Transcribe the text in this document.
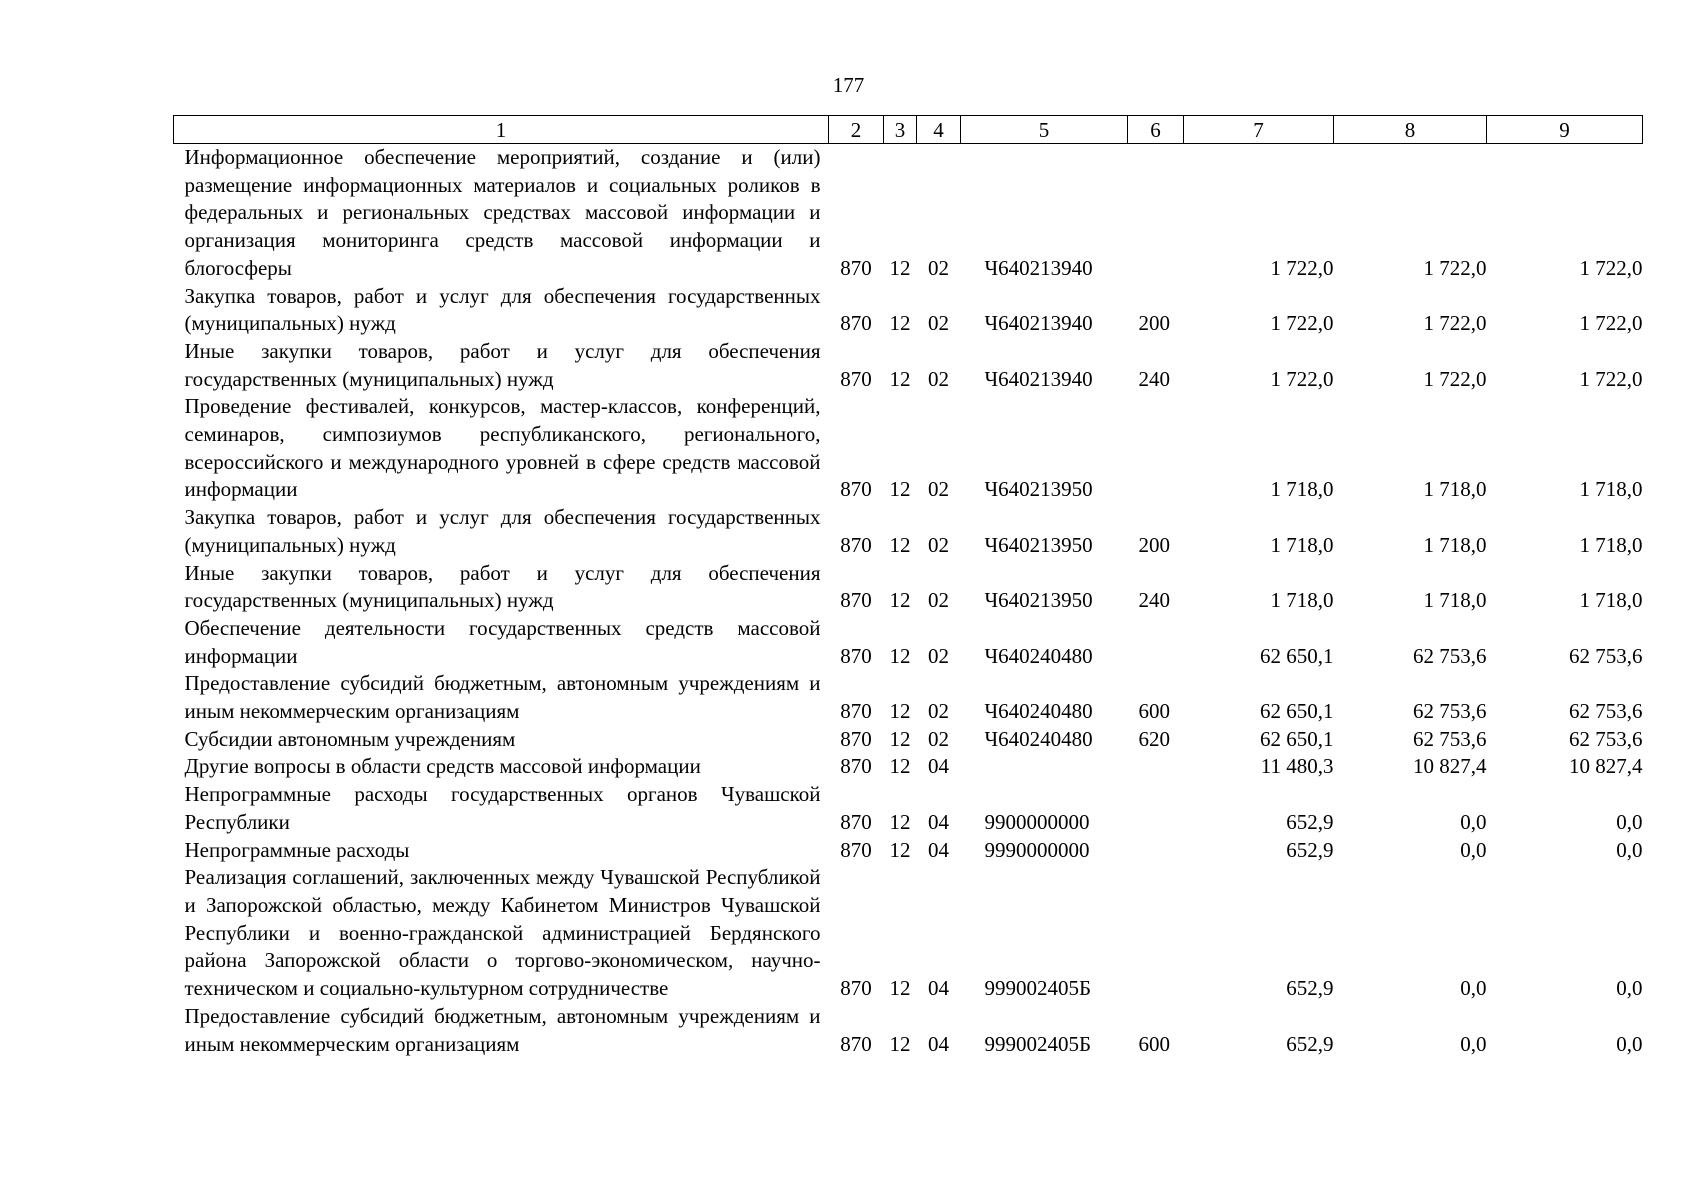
177
1	2	3	4	5	6	7	8	9
Информационное обеспечение мероприятий, создание и (или) размещение информационных материалов и социальных роликов в федеральных и региональных средствах массовой информации и организация мониторинга средств массовой информации и блогосферы	870	12	02	Ч640213940		1 722,0	1 722,0	1 722,0
Закупка товаров, работ и услуг для обеспечения государственных (муниципальных) нужд	870	12	02	Ч640213940	200	1 722,0	1 722,0	1 722,0
Иные закупки товаров, работ и услуг для обеспечения государственных (муниципальных) нужд	870	12	02	Ч640213940	240	1 722,0	1 722,0	1 722,0
Проведение фестивалей, конкурсов, мастер-классов, конференций, семинаров, симпозиумов республиканского, регионального, всероссийского и международного уровней в сфере средств массовой информации	870	12	02	Ч640213950		1 718,0	1 718,0	1 718,0
Закупка товаров, работ и услуг для обеспечения государственных (муниципальных) нужд	870	12	02	Ч640213950	200	1 718,0	1 718,0	1 718,0
Иные закупки товаров, работ и услуг для обеспечения государственных (муниципальных) нужд	870	12	02	Ч640213950	240	1 718,0	1 718,0	1 718,0
Обеспечение деятельности государственных средств массовой информации	870	12	02	Ч640240480		62 650,1	62 753,6	62 753,6
Предоставление субсидий бюджетным, автономным учреждениям и иным некоммерческим организациям	870	12	02	Ч640240480	600	62 650,1	62 753,6	62 753,6
Субсидии автономным учреждениям	870	12	02	Ч640240480	620	62 650,1	62 753,6	62 753,6
Другие вопросы в области средств массовой информации	870	12	04			11 480,3	10 827,4	10 827,4
Непрограммные расходы государственных органов Чувашской Республики	870	12	04	9900000000		652,9	0,0	0,0
Непрограммные расходы	870	12	04	9990000000		652,9	0,0	0,0
Реализация соглашений, заключенных между Чувашской Республикой и Запорожской областью, между Кабинетом Министров Чувашской Республики и военно-гражданской администрацией Бердянского района Запорожской области о торгово-экономическом, научно-техническом и социально-культурном сотрудничестве	870	12	04	999002405Б		652,9	0,0	0,0
Предоставление субсидий бюджетным, автономным учреждениям и иным некоммерческим организациям	870	12	04	999002405Б	600	652,9	0,0	0,0
